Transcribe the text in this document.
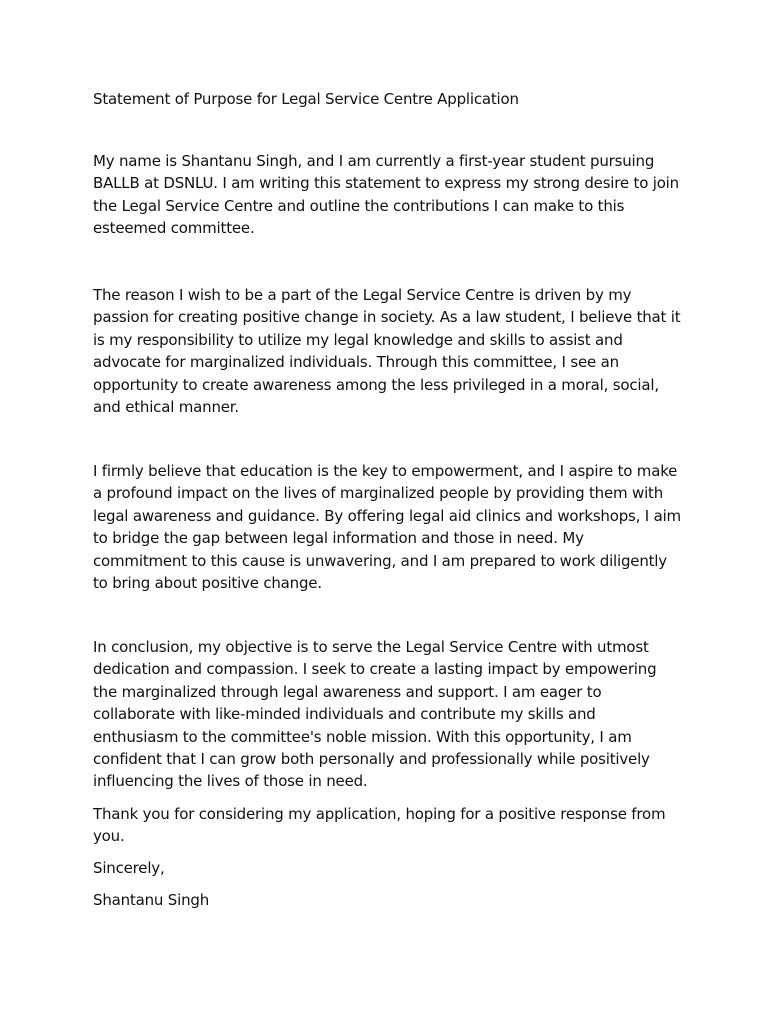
Statement of Purpose for Legal Service Centre Application
My name is Shantanu Singh, and I am currently a first-year student pursuing
BALLB at DSNLU. I am writing this statement to express my strong desire to join
the Legal Service Centre and outline the contributions I can make to this
esteemed committee.
The reason I wish to be a part of the Legal Service Centre is driven by my
passion for creating positive change in society. As a law student, I believe that it
is my responsibility to utilize my legal knowledge and skills to assist and
advocate for marginalized individuals. Through this committee, I see an
opportunity to create awareness among the less privileged in a moral, social,
and ethical manner.
I firmly believe that education is the key to empowerment, and I aspire to make
a profound impact on the lives of marginalized people by providing them with
legal awareness and guidance. By offering legal aid clinics and workshops, I aim
to bridge the gap between legal information and those in need. My
commitment to this cause is unwavering, and I am prepared to work diligently
to bring about positive change.
In conclusion, my objective is to serve the Legal Service Centre with utmost
dedication and compassion. I seek to create a lasting impact by empowering
the marginalized through legal awareness and support. I am eager to
collaborate with like-minded individuals and contribute my skills and
enthusiasm to the committee's noble mission. With this opportunity, I am
confident that I can grow both personally and professionally while positively
influencing the lives of those in need.
Thank you for considering my application, hoping for a positive response from
you.
Sincerely,
Shantanu Singh
